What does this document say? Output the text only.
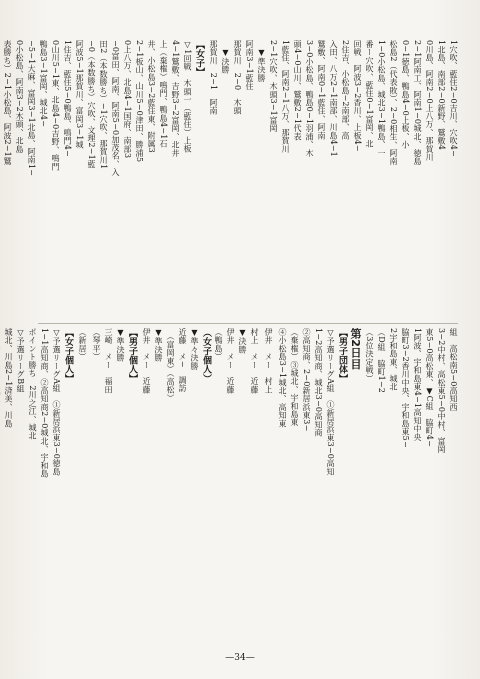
1穴吹、藍住2−0吉川、穴吹4−
1北島、南部2−0新野、鷲敷4
0川島、阿南2−0上八万、那賀川
2−1阿南工、阿南1−0城北、徳島
0−1徳島、鴨島4−0上板、小
松島2（代表敗）、2−0相生、阿南
1−0小松島、城北3−1鴨島、一
番ー穴吹、藍住0−1富岡、北
回戦　阿波3−2香川、上板4−
2住吉、小松島−2南部、高
入田、八万2−1南部、川島4−1
鷲敷、阿南0−1藍住、阿南
3−0小松島、鴨島0−1羽浦、木
頭4−0山川、鷲敷2−1代表
1藍住、阿南2−1八万、那賀川
2−1穴吹、木頭3−1富岡
　▼準決勝
阿南3−1藍住
那賀川　2−0　木頭
　▼決勝
那賀川　2−1　阿南
【女子】
▽1回戦　木頭一（藍住）上板
4−1鷲敷、吉野3−2富岡、北井
上（棄権）鳴門、鴨島4−1石
井、小松島3−2藍住東、附属3
2−1板山、山川5−0津田、勝浦5
0上八万、北島4−1国府、南部3
−0富田、阿南、阿南5−0加茂名、入
田2（本数勝ち）−1穴吹、那賀川1
−0（本数勝ち）穴吹、文理2−1藍
阿波5−1那賀川、富岡3−1城
1住吉、藍住5−0鴨島、鳴門4−
0山川5−1東、北島4−0吉野、鳴門
鴨島3−1富岡、城北4−
−5−1大麻、富岡3−1北島、阿南1−
0小松島、阿南3−2木頭、北島
表勝ち）2−1小松島、阿波2−1鷲
組　高松南5−0高知西
3−2中村、高松東5−0中村、富岡
東5−0高松東、▼C組　脇町4−
1阿波、宇和島東4−1高知中央
脇町3−2香川中央、宇和島東5−
2宇和島東、城北
（D組　脇町1−2
（3位決定戦）
第2日目
【男子団体】
▽予選リーグA組　①新居浜東3−0高知
1−2高知商、城北3−0高知商
②高知商、2−0新居浜東3−
（棄権）③城北、宇和島東
④小松島3−1城北、高知東
伊井　メー　村上
村上　メー　近藤
▼決勝
伊井　メー　近藤
（鴨島）
（女子個人）
▼準々決勝
近藤　メ−　調訪
　（富岡東）（高松）
▼準決勝
伊井　メー　近藤
【男子個人】
▼準決勝
三崎　メー　福田
（琴平）
（新居）
【女子個人】
▽予選リーグA組　①新居浜東3−0徳島
1−1高知商、②高知商2−0城北、宇和島
ポイント勝ち　2川之江、城北
▽予選リーグB組
城北、川島2−1済美、川島
—34—
